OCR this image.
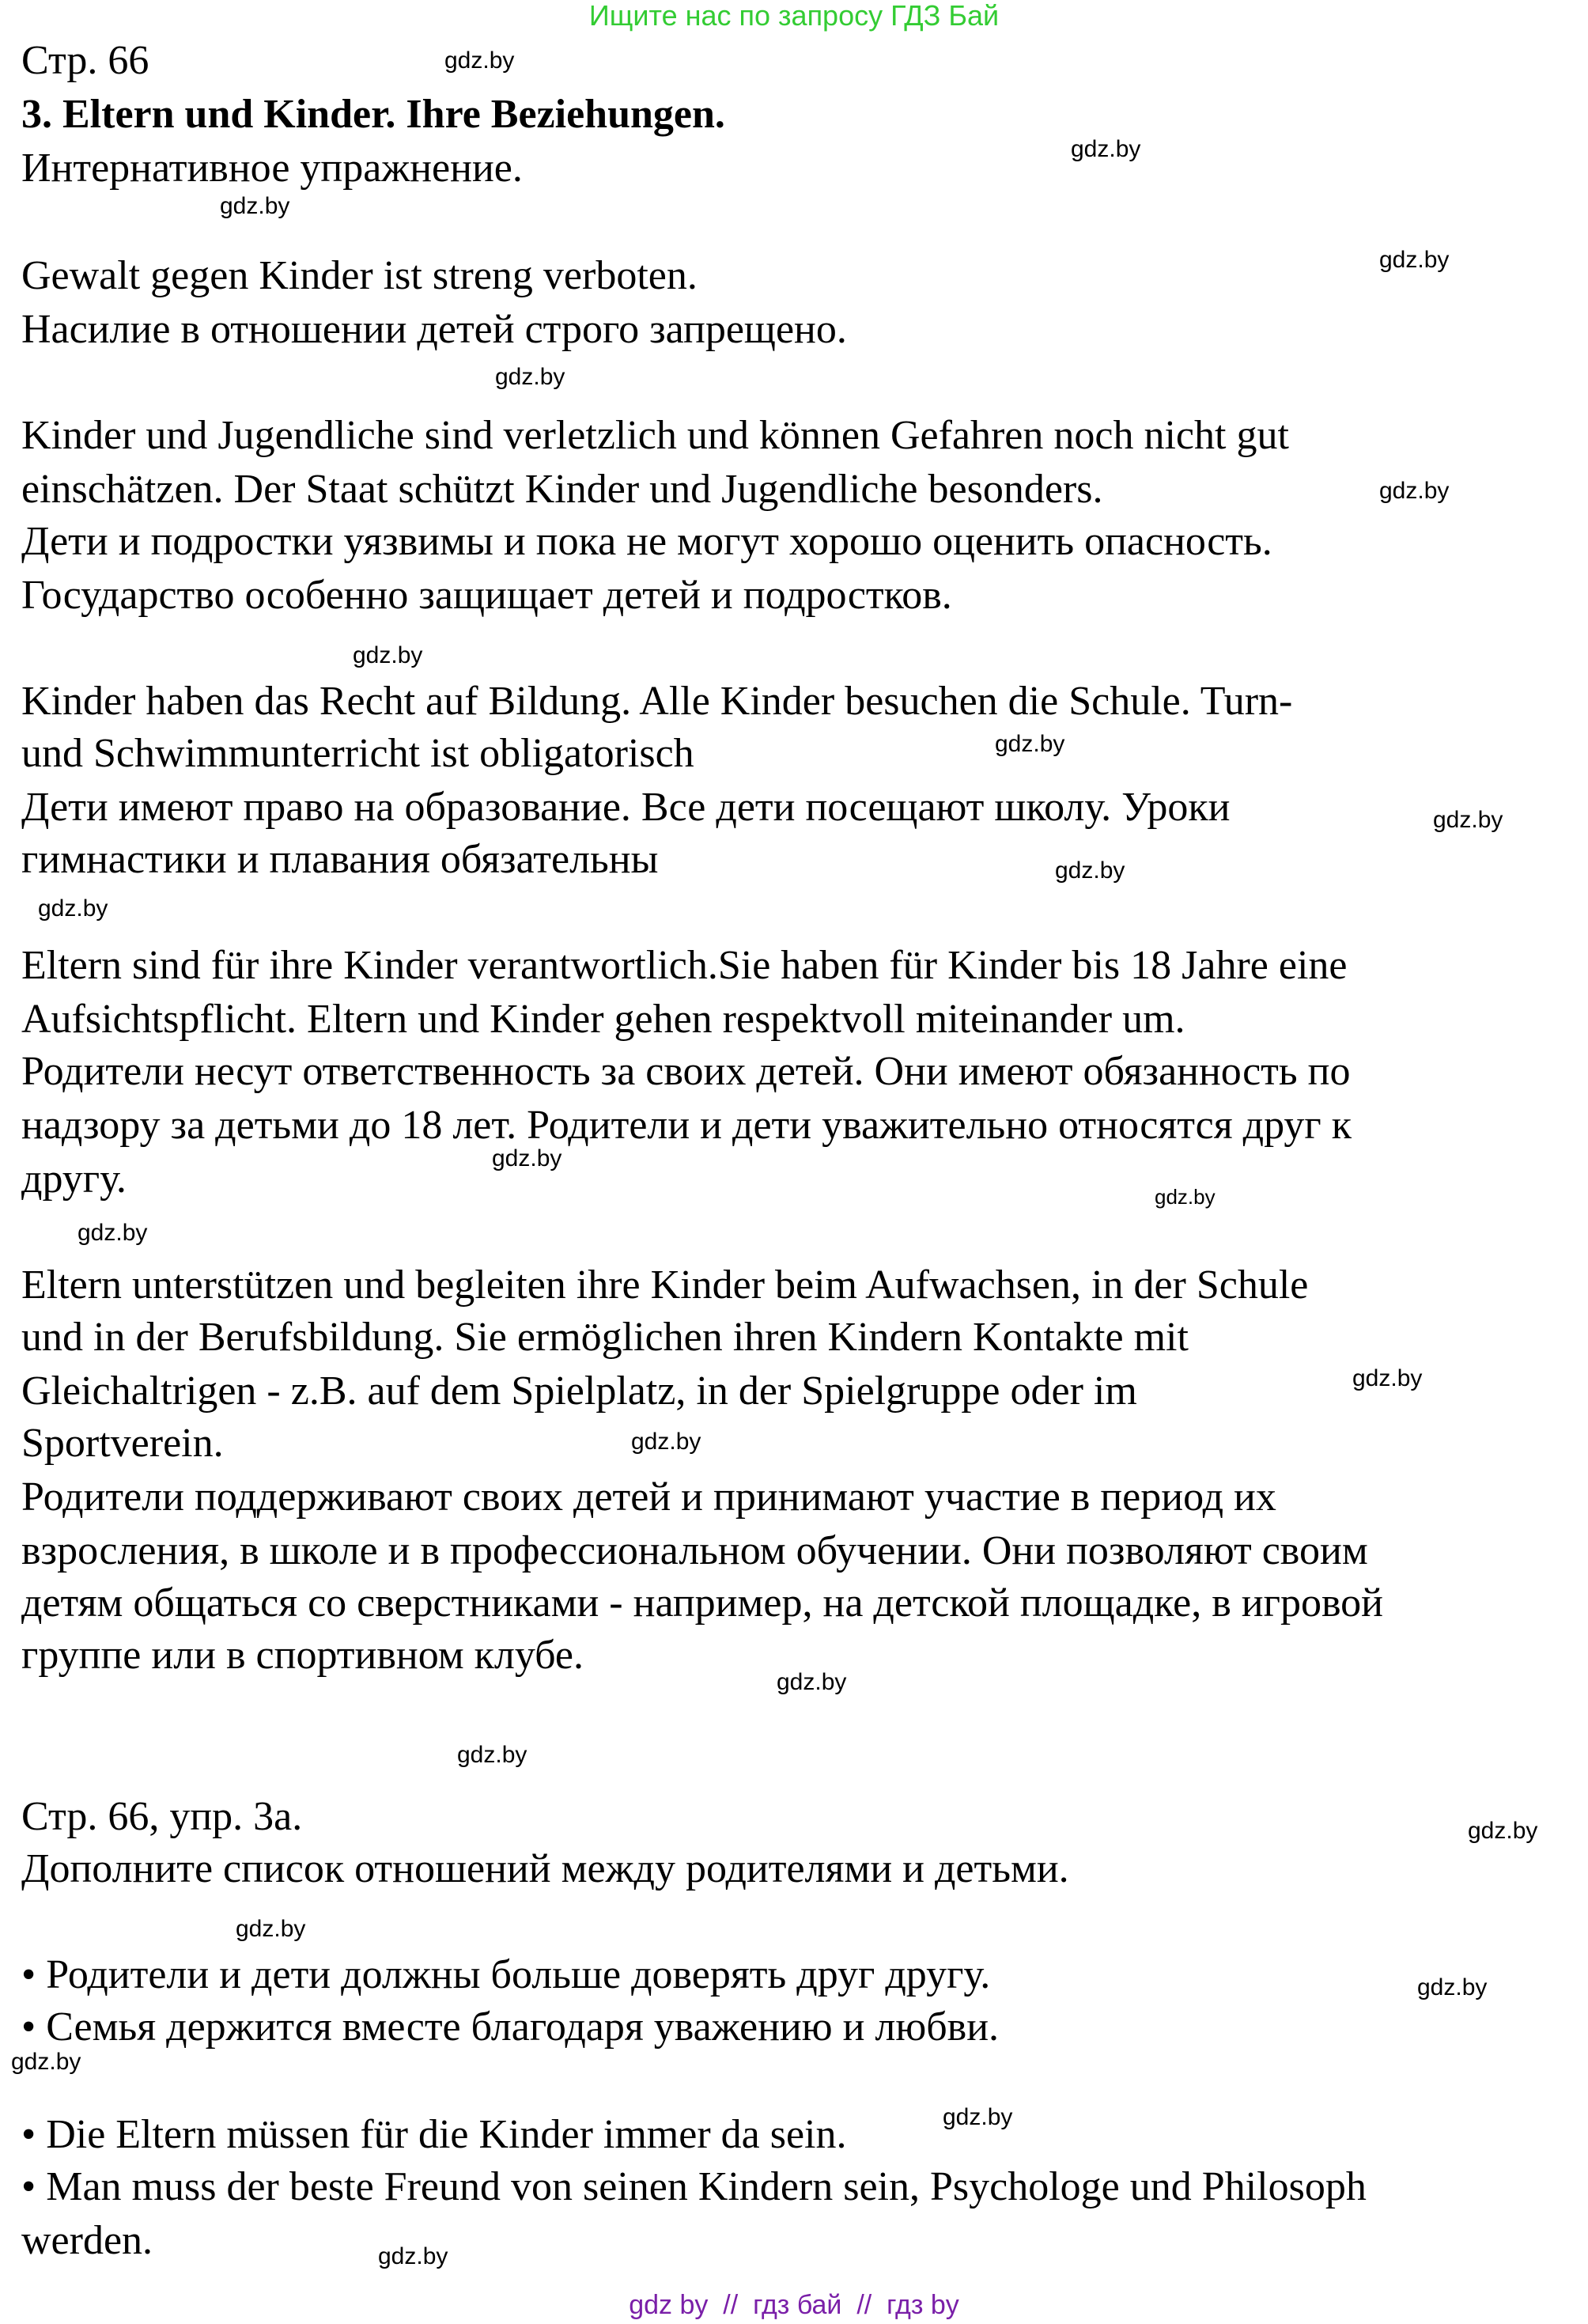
Ищите нас по запросу ГДЗ Бай
Стр. 66
3. Eltern und Kinder. Ihre Beziehungen.
Интернативное упражнение.
Gewalt gegen Kinder ist streng verboten.
Насилие в отношении детей строго запрещено.
Kinder und Jugendliche sind verletzlich und können Gefahren noch nicht gut
einschätzen. Der Staat schützt Kinder und Jugendliche besonders.
Дети и подростки уязвимы и пока не могут хорошо оценить опасность.
Государство особенно защищает детей и подростков.
Kinder haben das Recht auf Bildung. Alle Kinder besuchen die Schule. Turn-
und Schwimmunterricht ist obligatorisch
Дети имеют право на образование. Все дети посещают школу. Уроки
гимнастики и плавания обязательны
Eltern sind für ihre Kinder verantwortlich.Sie haben für Kinder bis 18 Jahre eine
Aufsichtspflicht. Eltern und Kinder gehen respektvoll miteinander um.
Родители несут ответственность за своих детей. Они имеют обязанность по
надзору за детьми до 18 лет. Родители и дети уважительно относятся друг к
другу.
Eltern unterstützen und begleiten ihre Kinder beim Aufwachsen, in der Schule
und in der Berufsbildung. Sie ermöglichen ihren Kindern Kontakte mit
Gleichaltrigen - z.B. auf dem Spielplatz, in der Spielgruppe oder im
Sportverein.
Родители поддерживают своих детей и принимают участие в период их
взросления, в школе и в профессиональном обучении. Они позволяют своим
детям общаться со сверстниками - например, на детской площадке, в игровой
группе или в спортивном клубе.
Стр. 66, упр. 3а.
Дополните список отношений между родителями и детьми.
• Родители и дети должны больше доверять друг другу.
• Семья держится вместе благодаря уважению и любви.
• Die Eltern müssen für die Kinder immer da sein.
• Man muss der beste Freund von seinen Kindern sein, Psychologe und Philosoph
werden.
gdz.by
gdz.by
gdz.by
gdz.by
gdz.by
gdz.by
gdz.by
gdz.by
gdz.by
gdz.by
gdz.by
gdz.by
gdz.by
gdz.by
gdz.by
gdz.by
gdz.by
gdz.by
gdz.by
gdz.by
gdz.by
gdz.by
gdz.by
gdz.by
gdz by  //  гдз бай  //  гдз by
